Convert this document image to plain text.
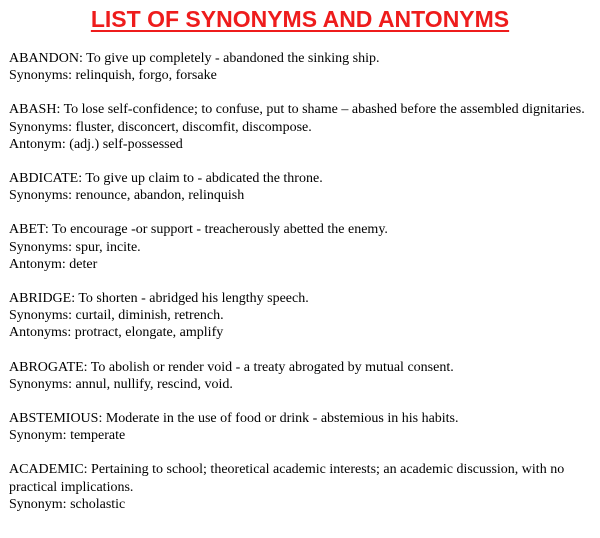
LIST OF SYNONYMS AND ANTONYMS
ABANDON: To give up completely - abandoned the sinking ship.
Synonyms: relinquish, forgo, forsake
ABASH: To lose self-confidence; to confuse, put to shame – abashed before the assembled dignitaries.
Synonyms: fluster, disconcert, discomfit, discompose.
Antonym: (adj.) self-possessed
ABDICATE: To give up claim to - abdicated the throne.
Synonyms: renounce, abandon, relinquish
ABET: To encourage -or support - treacherously abetted the enemy.
Synonyms: spur, incite.
Antonym: deter
ABRIDGE: To shorten - abridged his lengthy speech.
Synonyms: curtail, diminish, retrench.
Antonyms: protract, elongate, amplify
ABROGATE: To abolish or render void - a treaty abrogated by mutual consent.
Synonyms: annul, nullify, rescind, void.
ABSTEMIOUS: Moderate in the use of food or drink - abstemious in his habits.
Synonym: temperate
ACADEMIC: Pertaining to school; theoretical academic interests; an academic discussion, with no practical implications.
Synonym: scholastic
